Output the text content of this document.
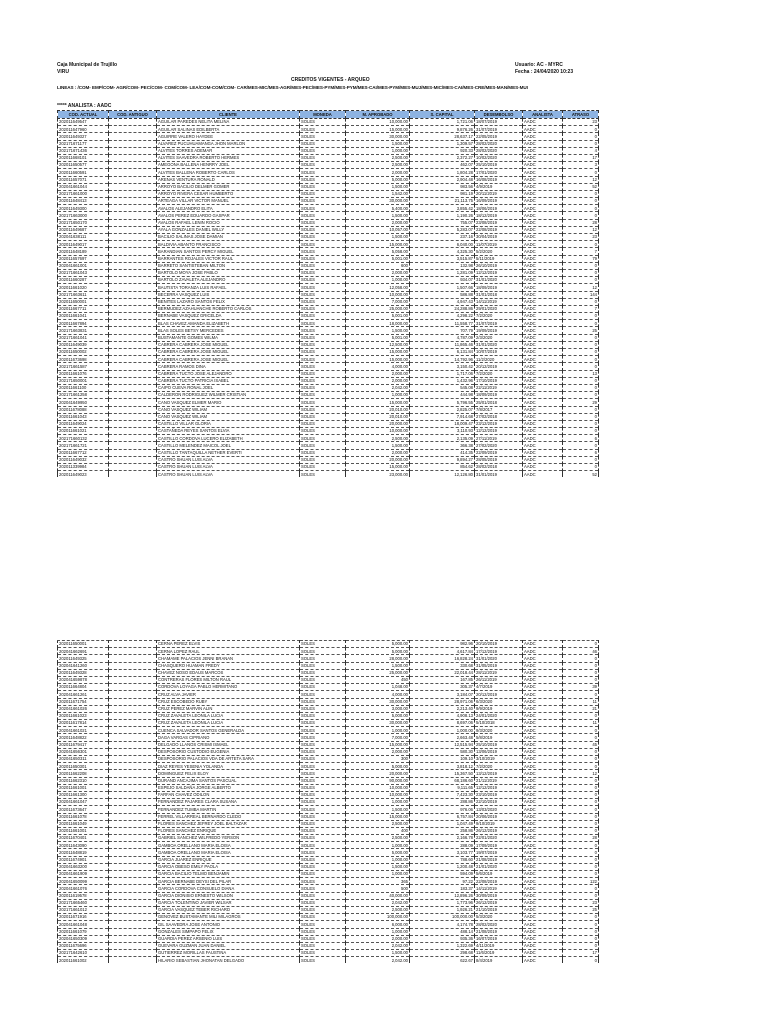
Caja Municipal de Trujillo
VIRU
Usuario: AC - MYRC
Fecha : 24/04/2020 10:23
CREDITOS VIGENTES - ARQUEO
LINEAS : /COM- EMP/COM- AGR/COM- PEC/COM- COM/COM- LEA/COM-COM/COM- CAR/MES-MIC/MES-AGR/MES-PEC/MES-PYM/MES-PYM/MES-CAI/MES-PYM/MES-MUJ/MES-MIC/MES-CAI/MES-CRE/MES-MAN/MES-MUI
***** ANALISTA : AADC
COD. ACTUAL	COD. ANTIGUO	CLIENTE	MONEDA	M. APROBADO	S. CAPITAL	DESEMBOLSO	ANALISTA	ATRASO
202011649547		AGUILAR PAREDES NELITA MELINA	SOLES	10,000.00	1,721.06	18/07/2019	AADC	23
202011647960		AGUILAR SALINAS EDILBERTA	SOLES	15,000.00	9,876.26	31/07/2019	AADC	0
202011649327		AGUIRRE VALERO HAYDEE	SOLES	30,000.00	28,637.17	22/05/2019	AADC	0
202171671177		ALVAREZ PUCUHUAMANGA JHON MARLON	SOLES	1,500.00	1,309.57	28/02/2020	AADC	0
202171671436		ALVITES TORRES ADEMAR	SOLES	1,000.00	920.33	28/02/2020	AADC	4
202011668101		ALVITES SAAVEDRA ROBERTO HERMES	SOLES	2,500.00	2,372.27	10/02/2020	AADC	17
202011650577		AMEGONA BALLENA HENRRY JOEL	SOLES	2,500.00	462.07	25/10/2019	AADC	3
202011660591		ALVITES BALLENA ROBERTO CARLOS	SOLES	2,000.00	1,804.28	17/01/2020	AADC	0
202011657071		ARENAS VENTURA RONALD	SOLES	5,000.00	2,904.48	16/08/2019	AADC	12
202041661044		ARROYO BACILIO DELMER GOMER	SOLES	1,500.00	983.56	4/9/2019	AADC	52
202171661000		ARROYO RIVERA CESAR HUMBERTO	SOLES	1,542.00	981.19	20/11/2019	AADC	0
202011648413		ARTEAGA VILLAR VICTOR MANUEL	SOLES	30,000.00	21,113.75	16/09/2019	AADC	0
202011649300		AVALOS ALEJANDRO ELITA	SOLES	5,400.00	3,855.42	18/06/2019	AADC	0
202171663000		AVALOS PEREZ EDUARDO GASPAR	SOLES	1,500.00	1,190.26	18/12/2019	AADC	0
202171650170		AVALOS RAFAEL LENIN ROCIO	SOLES	2,000.00	755.07	23/08/2019	AADC	28
202011649687		AYALA GONZALES DANIEL WILLY	SOLES	10,057.00	5,283.07	22/08/2019	AADC	12
202041638111		BACILIO SALINAS JOSE DAMIAN	SOLES	1,500.00	237.16	30/04/2019	AADC	23
202011649017		BALDIVIA ABANTO FRANCISCO	SOLES	15,000.00	6,040.00	11/07/2019	AADC	0
202011648189		BARANDIAN SANTOS PERCY MIGUEL	SOLES	5,058.00	4,325.30	5/2/2020	AADC	7
202011657697		BARRANTES ROJALES VICTOR RAUL	SOLES	5,001.00	3,515.87	5/11/2019	AADC	79
202041661001		BARRETO SANTISTEBAN MILTON	SOLES	600	132.98	26/10/2019	AADC	0
202171661043		BARTOLO MOYA JOSE PABLO	SOLES	2,000.00	1,281.09	12/12/2019	AADC	0
202011660287		BARTOLO ZAVALETA ALEJANDRO	SOLES	1,000.00	934.07	31/01/2020	AADC	0
202011661020		BAUTISTA TORANZA LUIS RAFAEL	SOLES	12,058.00	1,507.66	18/09/2019	AADC	12
202171663611		BECERRA VASQUEZ LUIS	SOLES	10,000.00	586.88	31/01/2018	AADC	144
202011650001		BENITES LAZARO SANTOS FELIX	SOLES	7,000.00	4,947.43	14/11/2019	AADC	0
202011667711		BERMUDEZ AZAHUANCHE ROBERTO CARLOS	SOLES	25,000.00	24,288.86	29/01/2020	AADC	7
202011661041		BERNABE VASQUEZ GRICELDA	SOLES	5,001.00	4,298.22	7/2/2020	AADC	0
202011667894		BLAS CHAVEZ AMANDA ELIZABETH	SOLES	18,000.00	11,558.77	31/07/2019	AADC	0
202171663831		BLAS SOLES BETSY MERCEDES	SOLES	1,500.00	707.79	19/09/2019	AADC	25
202171661041		BUSTAMANTE GOMES WILMA	SOLES	5,001.00	4,787.09	2/3/2020	AADC	0
202011649039		CABRERA CABRERA JOSE MIGUEL	SOLES	12,500.00	11,865.46	31/01/2020	AADC	0
202011650002		CABRERA CABRERA JOSE MIGUEL	SOLES	15,000.00	6,131.84	10/07/2019	AADC	0
202011673698		CABRERA CABRERA JOSE MIGUEL	SOLES	15,000.00	14,792.96	11/2/2020	AADC	0
202171661587		CABRERA RAMOS DINA	SOLES	4,000.00	3,150.42	20/12/2019	AADC	0
202011661076		CABRERA TUCTO JOSE ALEJANDRO	SOLES	2,000.00	1,717.06	7/2/2020	AADC	13
202171650001		CABRERA TUCTO PATRICIA ISABEL	SOLES	2,000.00	1,432.96	17/10/2019	AADC	0
202011661100		CAIPO CUEVA RONAL JOEL	SOLES	2,042.00	545.08	22/11/2019	AADC	0
202171661258		CALDERON RODRIGUEZ WILMER CRISTIAN	SOLES	1,000.00	444.98	18/09/2019	AADC	0
202041649950		CANO VASQUEZ ELMER MARIO	SOLES	15,000.00	5,796.55	25/01/2018	AADC	29
202011678088		CANO VASQUEZ WILIAM	SOLES	20,010.00	2,825.07	7/8/2017	AADC	0
202011661043		CANO VASQUEZ WILIAM	SOLES	20,010.00	7,914.68	27/02/2018	AADC	0
202011649024		CASTILLO VILLAR GLORIA	SOLES	20,000.00	18,009.47	23/12/2019	AADC	0
202011661021		CASTAÑEDA REYES SANTOS ELVIA	SOLES	10,000.00	3,110.93	12/12/2019	AADC	0
202171660132		CASTILLO CORDOVA LUCERO ELIZABETH	SOLES	2,500.00	2,135.09	27/11/2019	AADC	6
202171661721		CASTILLO MELENDEZ MAICOL JOEL	SOLES	1,500.00	366.38	27/02/2020	AADC	0
202011667712		CASTILLO TANTAQUILLA NETHER EVERTI	SOLES	2,000.00	414.35	22/09/2019	AADC	6
202011649032		CASTRO SHUAN LUIS ALVA	SOLES	20,000.00	9,894.27	28/05/2019	AADC	0
202011339984		CASTRO SHUAN LUIS ALVA	SOLES	15,000.00	854.62	28/02/2018	AADC	0
202011649023		CASTRO SHUAN LUIS ALVA	SOLES	23,000.00	12,126.80	31/01/2019	AADC	52
202011650001		CERNA PEREZ ELVIS	SOLES	5,000.00	982.96	20/10/2019	AADC	0
202041662691		CERNA LOPEZ RAUL	SOLES	5,000.00	4,617.84	17/12/2019	AADC	46
202011649325		CHAMAME PALACIOS JENNI BRANAN	SOLES	28,000.00	16,828.24	31/01/2020	AADC	0
202041641260		CHASQUERO HUAMAN FREDY	SOLES	1,500.00	330.68	31/05/2019	AADC	0
202011649328		CHAVEZ NOSO EDAUS MARCOS	SOLES	25,000.00	22,018.44	28/11/2019	AADC	0
202041659878		CONTRERAS FLORES MILTON RAUL	SOLES	450	167.85	26/11/2019	AADC	0
202011664804		CORDOVA LOYAGA PABLO HERMITANO	SOLES	1,048.00	305.37	4/7/2019	AADC	39
202041661261		CRUZ ALVA JAVIER	SOLES	4,000.00	3,184.07	20/12/2019	AADC	0
202011671754		CRUZ ESCOBEDO RUBY	SOLES	30,000.00	28,971.06	6/3/2020	AADC	11
202041661026		CRUZ PEREZ MARVIN ALIN	SOLES	3,000.00	2,213.40	9/9/2019	AADC	21
202011661023		CRUZ ZAVALETA LEONILA LUCIA	SOLES	5,000.00	4,908.13	24/01/2020	AADC	0
202011617814		CRUZ ZAVALETA LEONILA LUCIA	SOLES	30,000.00	8,697.06	5/10/2018	AADC	11
202041661021		CUENCA SALVADOR SANTOS GENERALDA	SOLES	1,000.00	1,000.00	9/3/2020	AADC	0
202011648822		DAGA VARGAS CIPRIANO	SOLES	7,000.00	2,663.48	5/8/2019	AADC	0
202011679417		DELGADO LLANOS CRISMI ISMAEL	SOLES	15,000.00	12,515.94	25/10/2019	AADC	45
202041656301		DESPOSORIO CUSTODIO EUGENIA	SOLES	2,000.00	580.30	13/06/2019	AADC	0
202041650311		DESPOSORIO PALACIOS VDA DE ARTETA SARA	SOLES	300	109.10	3/10/2019	AADC	0
202011650301		DIAZ REYES YESENIA YOLANDA	SOLES	5,000.00	3,818.12	7/2/2020	AADC	0
202011662208		DOMINGUEZ FELIX ELOY	SOLES	20,000.00	15,367.50	13/12/2019	AADC	12
202011662310		DURAND ANCAJIMA SANTOS PASCUAL	SOLES	90,000.00	68,186.60	21/11/2019	AADC	0
202011661001		ESPEJO SALDAÑA JORGE ALBERTO	SOLES	10,000.00	9,111.65	12/12/2019	AADC	0
202011661300		FARFAN CHAVEZ ODILON	SOLES	10,000.00	7,423.30	23/10/2019	AADC	0
202041661047		FERNANDEZ PAJARES CLARA SUSANA	SOLES	1,000.00	288.86	22/10/2019	AADC	0
202011673647		FERNANDEZ TUMBA MARTIN	SOLES	1,500.00	976.06	13/03/2020	AADC	0
202011661078		FERREL VILLARREAL BERNARDO CLEDO	SOLES	15,000.00	6,757.84	20/06/2019	AADC	0
202011661049		FLORES SANCHEZ JEFREY JOEL BALTAZAR	SOLES	2,500.00	1,047.49	9/10/2019	AADC	0
202011661001		FLORES SANCHEZ ENRIQUE	SOLES	400	258.86	26/12/2019	AADC	0
202011670401		GABRIEL SANCHEZ WILFREDO YERSON	SOLES	2,500.00	2,166.78	22/01/2020	AADC	28
202011643090		GAMBOA ORELLANO MARIA ELOISA	SOLES	1,000.00	288.09	17/09/2019	AADC	0
202011648819		GAMBOA ORELLANO MARIA ELOISA	SOLES	5,000.00	3,103.77	19/07/2019	AADC	0
202011674901		GARCIA JUAREZ ENRIQUE	SOLES	1,000.00	788.60	21/08/2019	AADC	0
202041663200		GARCIA OBESO EMILY PAOLA	SOLES	1,500.00	1,200.48	21/01/2020	AADC	0
202041661909		GARCIA BACILIO TELMO BENJAMIN	SOLES	1,000.00	594.09	5/6/2019	AADC	0
202041650099		GARCIA BERNABE DEYSI DEL PILAR	SOLES	365	97.22	22/08/2019	AADC	122
202041661076		GARCIA CORDOVA CONSUELO DIANA	SOLES	500	183.37	14/11/2019	AADC	0
202011619578		GARCIA DIONISIO ERNESTO WILSON	SOLES	40,000.00	12,896.26	30/09/2019	AADC	0
202171665460		GARCIA TOLENTINO JAVIER WILSAR	SOLES	2,042.00	1,773.96	26/12/2019	AADC	23
202171661012		GARCIA VASQUEZ TEBER RICHARD	SOLES	2,500.00	1,926.21	21/10/2019	AADC	25
202011671916		GENOVEZ BUSTAMANTE MILI MILAGROS	SOLES	100,000.00	100,000.00	5/3/2020	AADC	0
202041661048		GIL SAAVEDRA JOSE ANTONIO	SOLES	6,000.00	4,174.78	28/02/2020	AADC	0
202011661079		GONZALES SIMPAPO FELIX	SOLES	1,000.00	488.14	21/08/2019	AADC	0
202041650309		GUARDIA PEREZ ARSENIO LUIS	SOLES	2,000.00	935.36	16/07/2019	AADC	0
202011675696		GUEVARA GUZMAN JUAN DANIEL	SOLES	2,042.00	1,322.69	4/11/2019	AADC	0
202171642610		GUTIERREZ MORILLAS FAUSTINA	SOLES	1,500.00	298.68	11/6/2019	AADC	17
202011661002		HILARIO SEBASTIAN JHONATAN DELGADO	SOLES	2,042.00	622.67	8/4/2019	AADC	0
